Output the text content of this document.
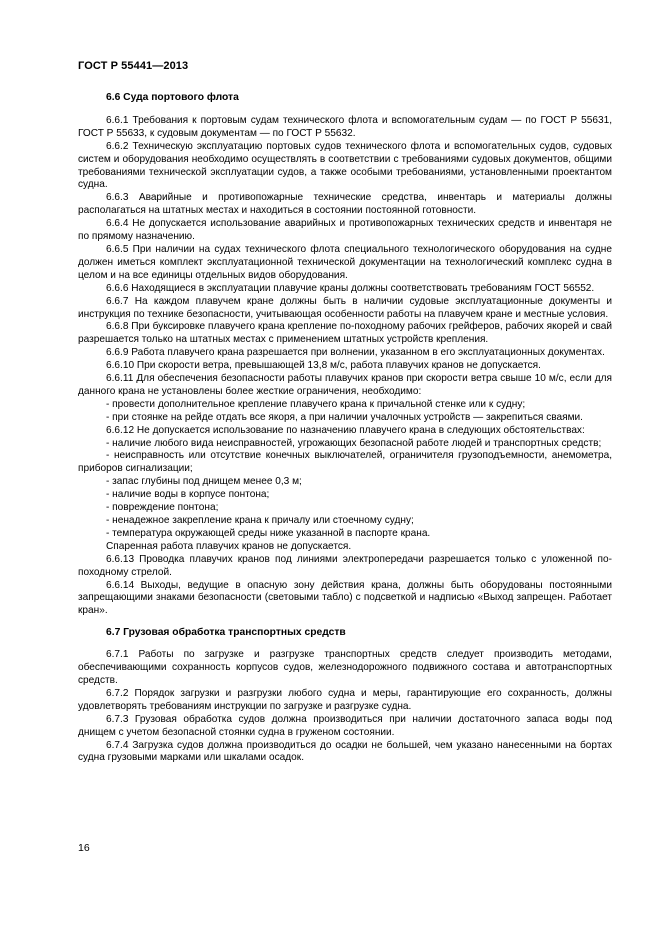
ГОСТ Р 55441—2013
6.6 Суда портового флота

6.6.1 Требования к портовым судам технического флота и вспомогательным судам — по ГОСТ Р 55631, ГОСТ Р 55633, к судовым документам — по ГОСТ Р 55632.

6.6.2 Техническую эксплуатацию портовых судов технического флота и вспомогательных судов, судовых систем и оборудования необходимо осуществлять в соответствии с требованиями судовых документов, общими требованиями технической эксплуатации судов, а также особыми требованиями, установленными проектантом судна.

6.6.3 Аварийные и противопожарные технические средства, инвентарь и материалы должны располагаться на штатных местах и находиться в состоянии постоянной готовности.

6.6.4 Не допускается использование аварийных и противопожарных технических средств и инвентаря не по прямому назначению.

6.6.5 При наличии на судах технического флота специального технологического оборудования на судне должен иметься комплект эксплуатационной технической документации на технологический комплекс судна в целом и на все единицы отдельных видов оборудования.

6.6.6 Находящиеся в эксплуатации плавучие краны должны соответствовать требованиям ГОСТ 56552.

6.6.7 На каждом плавучем кране должны быть в наличии судовые эксплуатационные документы и инструкция по технике безопасности, учитывающая особенности работы на плавучем кране и местные условия.

6.6.8 При буксировке плавучего крана крепление по-походному рабочих грейферов, рабочих якорей и свай разрешается только на штатных местах с применением штатных устройств крепления.

6.6.9 Работа плавучего крана разрешается при волнении, указанном в его эксплуатационных документах.

6.6.10 При скорости ветра, превышающей 13,8 м/с, работа плавучих кранов не допускается.

6.6.11 Для обеспечения безопасности работы плавучих кранов при скорости ветра свыше 10 м/с, если для данного крана не установлены более жесткие ограничения, необходимо:

- провести дополнительное крепление плавучего крана к причальной стенке или к судну;

- при стоянке на рейде отдать все якоря, а при наличии учалочных устройств — закрепиться сваями.

6.6.12 Не допускается использование по назначению плавучего крана в следующих обстоятельствах:

- наличие любого вида неисправностей, угрожающих безопасной работе людей и транспортных средств;

- неисправность или отсутствие конечных выключателей, ограничителя грузоподъемности, анемометра, приборов сигнализации;

- запас глубины под днищем менее 0,3 м;

- наличие воды в корпусе понтона;

- повреждение понтона;

- ненадежное закрепление крана к причалу или стоечному судну;

- температура окружающей среды ниже указанной в паспорте крана.

Спаренная работа плавучих кранов не допускается.

6.6.13 Проводка плавучих кранов под линиями электропередачи разрешается только с уложенной по-походному стрелой.

6.6.14 Выходы, ведущие в опасную зону действия крана, должны быть оборудованы постоянными запрещающими знаками безопасности (световыми табло) с подсветкой и надписью «Выход запрещен. Работает кран».

6.7 Грузовая обработка транспортных средств

6.7.1 Работы по загрузке и разгрузке транспортных средств следует производить методами, обеспечивающими сохранность корпусов судов, железнодорожного подвижного состава и автотранспортных средств.

6.7.2 Порядок загрузки и разгрузки любого судна и меры, гарантирующие его сохранность, должны удовлетворять требованиям инструкции по загрузке и разгрузке судна.

6.7.3 Грузовая обработка судов должна производиться при наличии достаточного запаса воды под днищем с учетом безопасной стоянки судна в груженом состоянии.

6.7.4 Загрузка судов должна производиться до осадки не большей, чем указано нанесенными на бортах судна грузовыми марками или шкалами осадок.

16
